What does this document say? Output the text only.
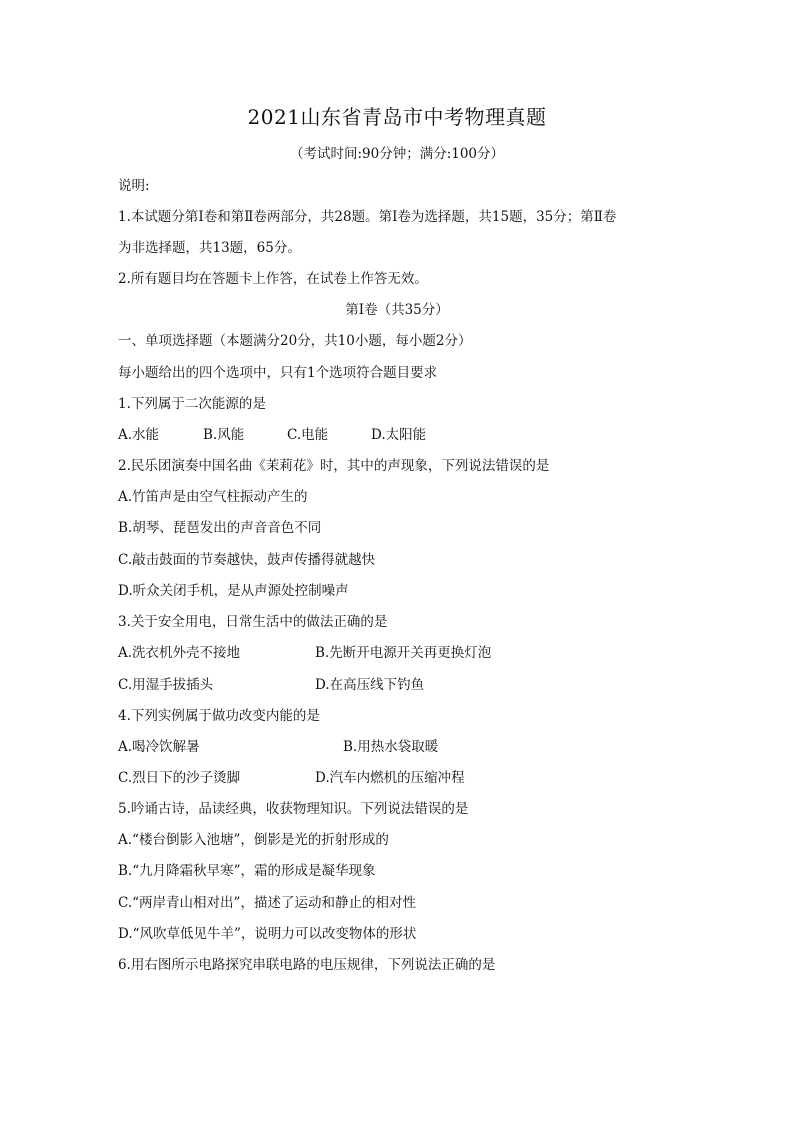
2021山东省青岛市中考物理真题
（考试时间:90分钟；满分:100分）
说明:
1.本试题分第Ⅰ卷和第Ⅱ卷两部分，共28题。第Ⅰ卷为选择题，共15题，35分；第Ⅱ卷
为非选择题，共13题，65分。
2.所有题目均在答题卡上作答，在试卷上作答无效。
第Ⅰ卷（共35分）
一、单项选择题（本题满分20分，共10小题，每小题2分）
每小题给出的四个选项中，只有1个选项符合题目要求
1.下列属于二次能源的是
A.水能	B.风能	C.电能	D.太阳能
2.民乐团演奏中国名曲《茉莉花》时，其中的声现象，下列说法错误的是
A.竹笛声是由空气柱振动产生的
B.胡琴、琵琶发出的声音音色不同
C.敲击鼓面的节奏越快，鼓声传播得就越快
D.听众关闭手机，是从声源处控制噪声
3.关于安全用电，日常生活中的做法正确的是
A.洗衣机外壳不接地	B.先断开电源开关再更换灯泡
C.用湿手拔插头	D.在高压线下钓鱼
4.下列实例属于做功改变内能的是
A.喝冷饮解暑	B.用热水袋取暖
C.烈日下的沙子烫脚	D.汽车内燃机的压缩冲程
5.吟诵古诗，品读经典，收获物理知识。下列说法错误的是
A.“楼台倒影入池塘”，倒影是光的折射形成的
B.“九月降霜秋早寒”，霜的形成是凝华现象
C.“两岸青山相对出”，描述了运动和静止的相对性
D.“风吹草低见牛羊”，说明力可以改变物体的形状
6.用右图所示电路探究串联电路的电压规律，下列说法正确的是
